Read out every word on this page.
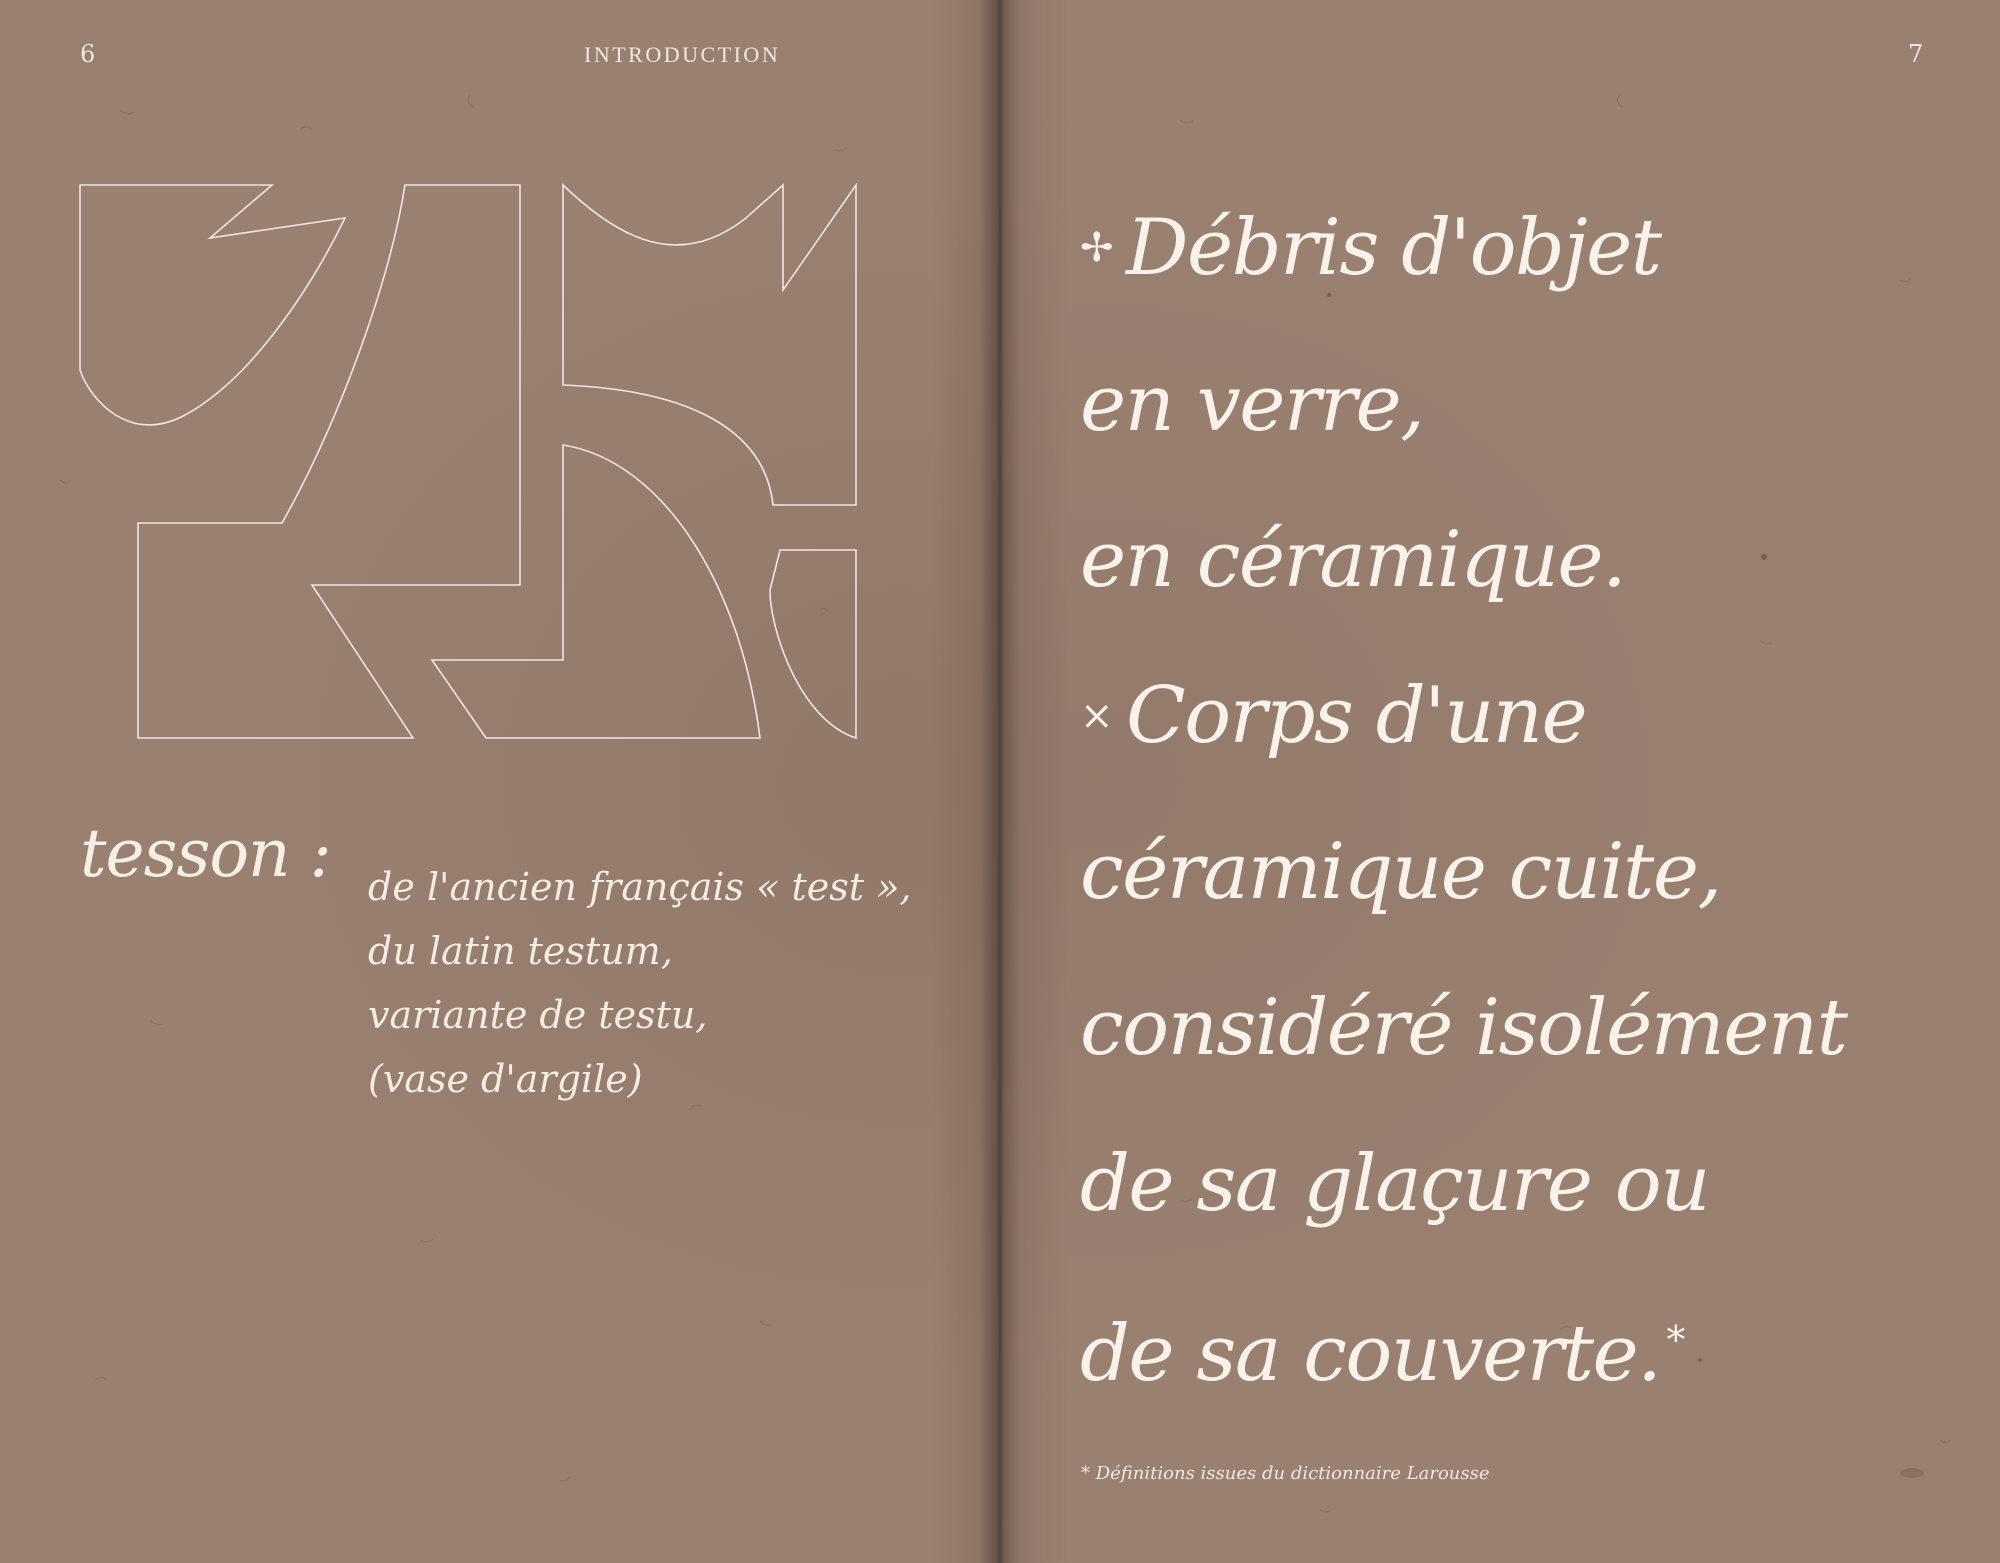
6	INTRODUCTION
tesson : de l'ancien français « test »,
du latin testum,
variante de testu,
(vase d'argile)
7
✢ Débris d'objet
en verre,
en céramique.
× Corps d'une
céramique cuite,
considéré isolément
de sa glaçure ou
de sa couverte. *
* Définitions issues du dictionnaire Larousse
